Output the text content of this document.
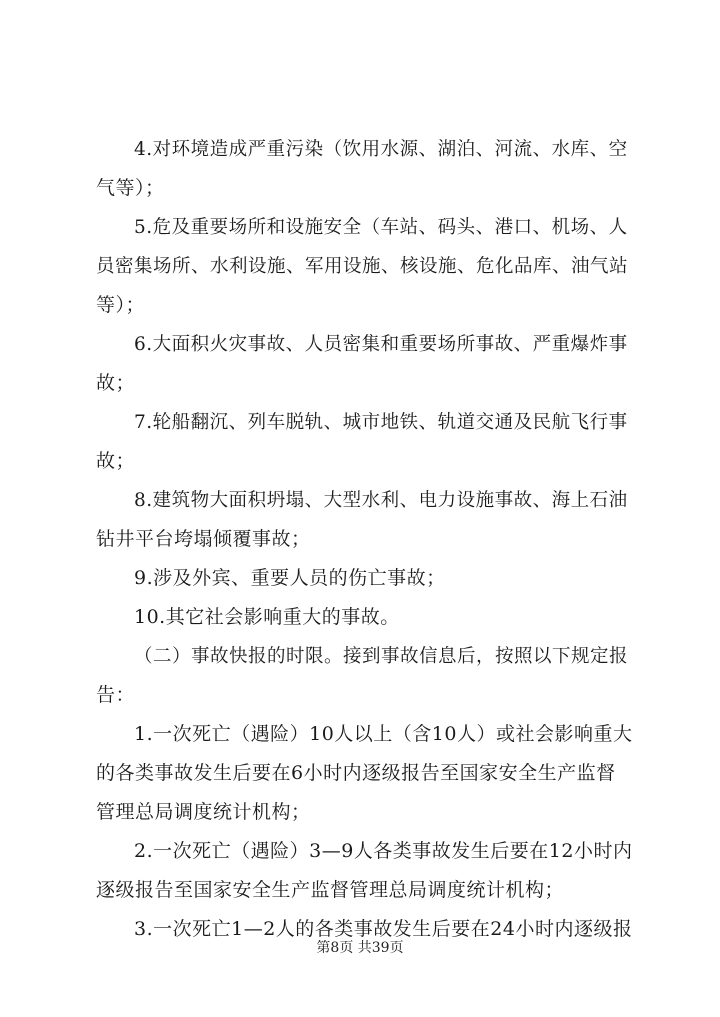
4.对环境造成严重污染（饮用水源、湖泊、河流、水库、空
气等）；
5.危及重要场所和设施安全（车站、码头、港口、机场、人
员密集场所、水利设施、军用设施、核设施、危化品库、油气站
等）；
6.大面积火灾事故、人员密集和重要场所事故、严重爆炸事
故；
7.轮船翻沉、列车脱轨、城市地铁、轨道交通及民航飞行事
故；
8.建筑物大面积坍塌、大型水利、电力设施事故、海上石油
钻井平台垮塌倾覆事故；
9.涉及外宾、重要人员的伤亡事故；
10.其它社会影响重大的事故。
（二）事故快报的时限。接到事故信息后，按照以下规定报
告：
1.一次死亡（遇险）10人以上（含10人）或社会影响重大
的各类事故发生后要在6小时内逐级报告至国家安全生产监督
管理总局调度统计机构；
2.一次死亡（遇险）3—9人各类事故发生后要在12小时内
逐级报告至国家安全生产监督管理总局调度统计机构；
3.一次死亡1—2人的各类事故发生后要在24小时内逐级报
第8页 共39页
